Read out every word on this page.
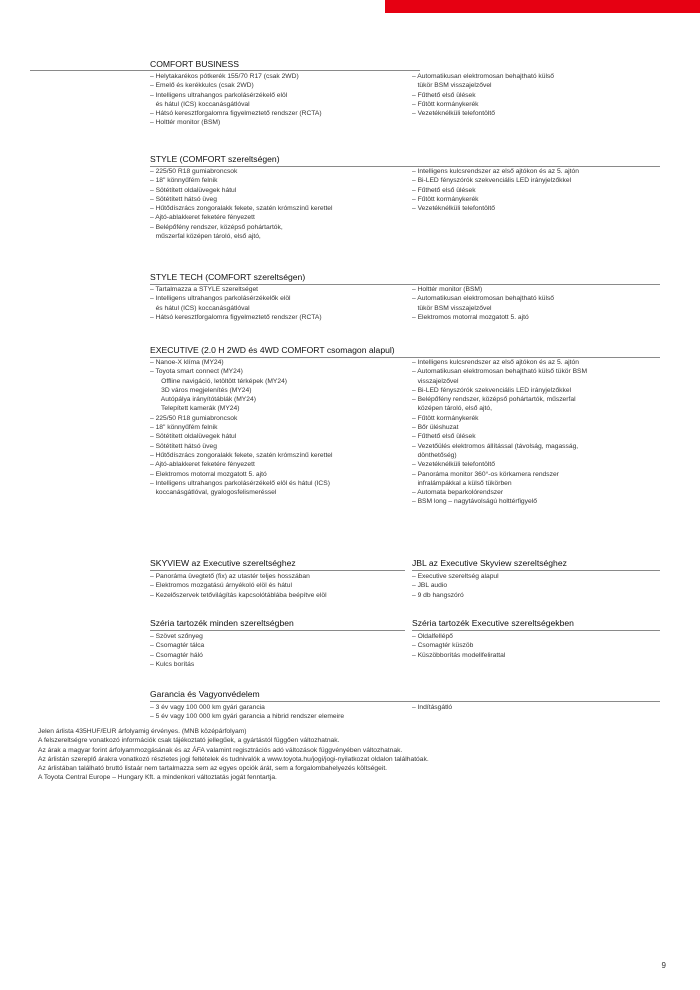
COMFORT BUSINESS
– Helytakarékos pótkerék 155/70 R17 (csak 2WD)
– Emelő és kerékkulcs (csak 2WD)
– Intelligens ultrahangos parkolásérzékelő elöl
és hátul (ICS) koccanásgátlóval
– Hátsó keresztforgalomra figyelmeztető rendszer (RCTA)
– Holttér monitor (BSM)
– Automatikusan elektromosan behajtható külső
tükör BSM visszajelzővel
– Fűthető első ülések
– Fűtött kormánykerék
– Vezetéknélküli telefontöltő
STYLE (COMFORT szereltségen)
– 225/50 R18 gumiabroncsok
– 18" könnyűfém felnik
– Sötétített oldalüvegek hátul
– Sötétített hátsó üveg
– Hűtődíszrács zongoralakk fekete, szatén krómszínű kerettel
– Ajtó-ablakkeret feketére fényezett
– Belépőfény rendszer, középső pohártartók,
műszerfal középen tároló, első ajtó,
– Intelligens kulcsrendszer az első ajtókon és az 5. ajtón
– Bi-LED fényszórók szekvenciális LED irányjelzőkkel
– Fűthető első ülések
– Fűtött kormánykerék
– Vezetéknélküli telefontöltő
STYLE TECH (COMFORT szereltségen)
– Tartalmazza a STYLE szereltséget
– Intelligens ultrahangos parkolásérzékelők elöl
és hátul (ICS) koccanásgátlóval
– Hátsó keresztforgalomra figyelmeztető rendszer (RCTA)
– Holttér monitor (BSM)
– Automatikusan elektromosan behajtható külső
tükör BSM visszajelzővel
– Elektromos motorral mozgatott 5. ajtó
EXECUTIVE (2.0 H 2WD és 4WD COMFORT csomagon alapul)
– Nanoe-X klíma (MY24)
– Toyota smart connect (MY24)
Offline navigáció, letöltött térképek (MY24)
3D város megjelenítés (MY24)
Autópálya irányítótáblák (MY24)
Telepített kamerák (MY24)
– 225/50 R18 gumiabroncsok
– 18" könnyűfém felnik
– Sötétített oldalüvegek hátul
– Sötétített hátsó üveg
– Hűtődíszrács zongoralakk fekete, szatén krómszínű kerettel
– Ajtó-ablakkeret feketére fényezett
– Elektromos motorral mozgatott 5. ajtó
– Intelligens ultrahangos parkolásérzékelő elöl és hátul (ICS)
koccanásgátlóval, gyalogosfelismeréssel
– Intelligens kulcsrendszer az első ajtókon és az 5. ajtón
– Automatikusan elektromosan behajtható külső tükör BSM
visszajelzővel
– Bi-LED fényszórók szekvenciális LED irányjelzőkkel
– Belépőfény rendszer, középső pohártartók, műszerfal
középen tároló, első ajtó,
– Fűtött kormánykerék
– Bőr üléshuzat
– Fűthető első ülések
– Vezetőülés elektromos állítással (távolság, magasság,
dönthetőség)
– Vezetéknélküli telefontöltő
– Panoráma monitor 360°-os körkamera rendszer
infralámpákkal a külső tükörben
– Automata beparkolórendszer
– BSM long – nagytávolságú holttérfigyelő
SKYVIEW az Executive szereltséghez
– Panoráma üvegtető (fix) az utastér teljes hosszában
– Elektromos mozgatású árnyékoló elöl és hátul
– Kezelőszervek tetővilágítás kapcsolótáblába beépítve elöl
JBL az Executive Skyview szereltséghez
– Executive szereltség alapul
– JBL audio
– 9 db hangszóró
Széria tartozék minden szereltségben
– Szövet szőnyeg
– Csomagtér tálca
– Csomagtér háló
– Kulcs borítás
Széria tartozék Executive szereltségekben
– Oldalfellépő
– Csomagtér küszöb
– Küszöbborítás modellfelirattal
Garancia és Vagyonvédelem
– 3 év vagy 100 000 km gyári garancia
– 5 év vagy 100 000 km gyári garancia a hibrid rendszer elemeire
– Indításgátló
Jelen árlista 435HUF/EUR árfolyamig érvényes. (MNB középárfolyam)
A felszereltségre vonatkozó információk csak tájékoztató jellegűek, a gyártástól függően változhatnak.
Az árak a magyar forint árfolyammozgásának és az ÁFA valamint regisztrációs adó változások függvényében változhatnak.
Az árlistán szereplő árakra vonatkozó részletes jogi feltételek és tudnivalók a www.toyota.hu/jogi/jogi-nyilatkozat oldalon találhatóak.
Az árlistában található bruttó listaár nem tartalmazza sem az egyes opciók árát, sem a forgalombahelyezés költségeit.
A Toyota Central Europe – Hungary Kft. a mindenkori változtatás jogát fenntartja.
9
